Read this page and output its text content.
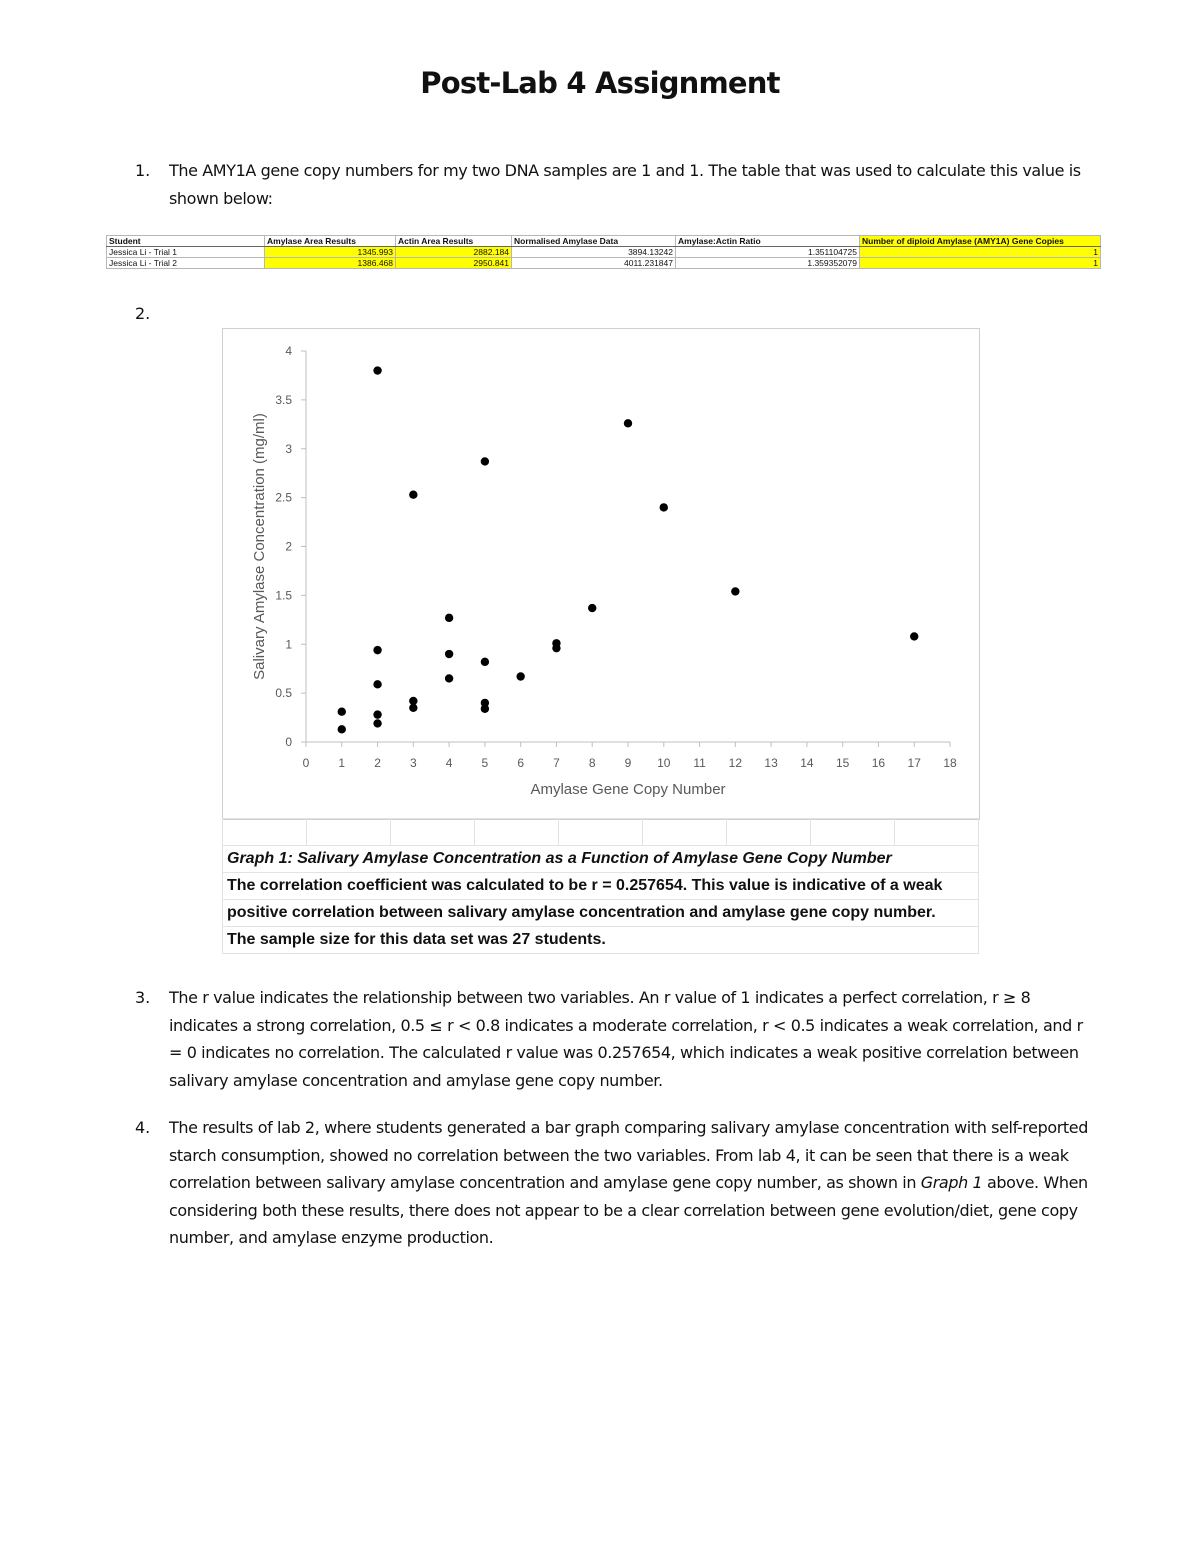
Post-Lab 4 Assignment
1. The AMY1A gene copy numbers for my two DNA samples are 1 and 1. The table that was used to calculate this value is shown below:
Student	Amylase Area Results	Actin Area Results	Normalised Amylase Data	Amylase:Actin Ratio	Number of diploid Amylase (AMY1A) Gene Copies
Jessica Li - Trial 1	1345.993	2882.184	3894.13242	1.351104725	1
Jessica Li - Trial 2	1386.468	2950.841	4011.231847	1.359352079	1
2.
0 1 2 3 4 5 6 7 8 9 10 11 12 13 14 15 16 17 18
0
0.5
1
1.5
2
2.5
3
3.5
4
Amylase Gene Copy Number
Salivary Amylase Concentration (mg/ml)

Graph 1: Salivary Amylase Concentration as a Function of Amylase Gene Copy Number
The correlation coefficient was calculated to be r = 0.257654. This value is indicative of a weak
positive correlation between salivary amylase concentration and amylase gene copy number.
The sample size for this data set was 27 students.
3. The r value indicates the relationship between two variables. An r value of 1 indicates a perfect correlation, r ≥ 8 indicates a strong correlation, 0.5 ≤ r < 0.8 indicates a moderate correlation, r < 0.5 indicates a weak correlation, and r = 0 indicates no correlation. The calculated r value was 0.257654, which indicates a weak positive correlation between salivary amylase concentration and amylase gene copy number.
4. The results of lab 2, where students generated a bar graph comparing salivary amylase concentration with self-reported starch consumption, showed no correlation between the two variables. From lab 4, it can be seen that there is a weak correlation between salivary amylase concentration and amylase gene copy number, as shown in Graph 1 above. When considering both these results, there does not appear to be a clear correlation between gene evolution/diet, gene copy number, and amylase enzyme production.
